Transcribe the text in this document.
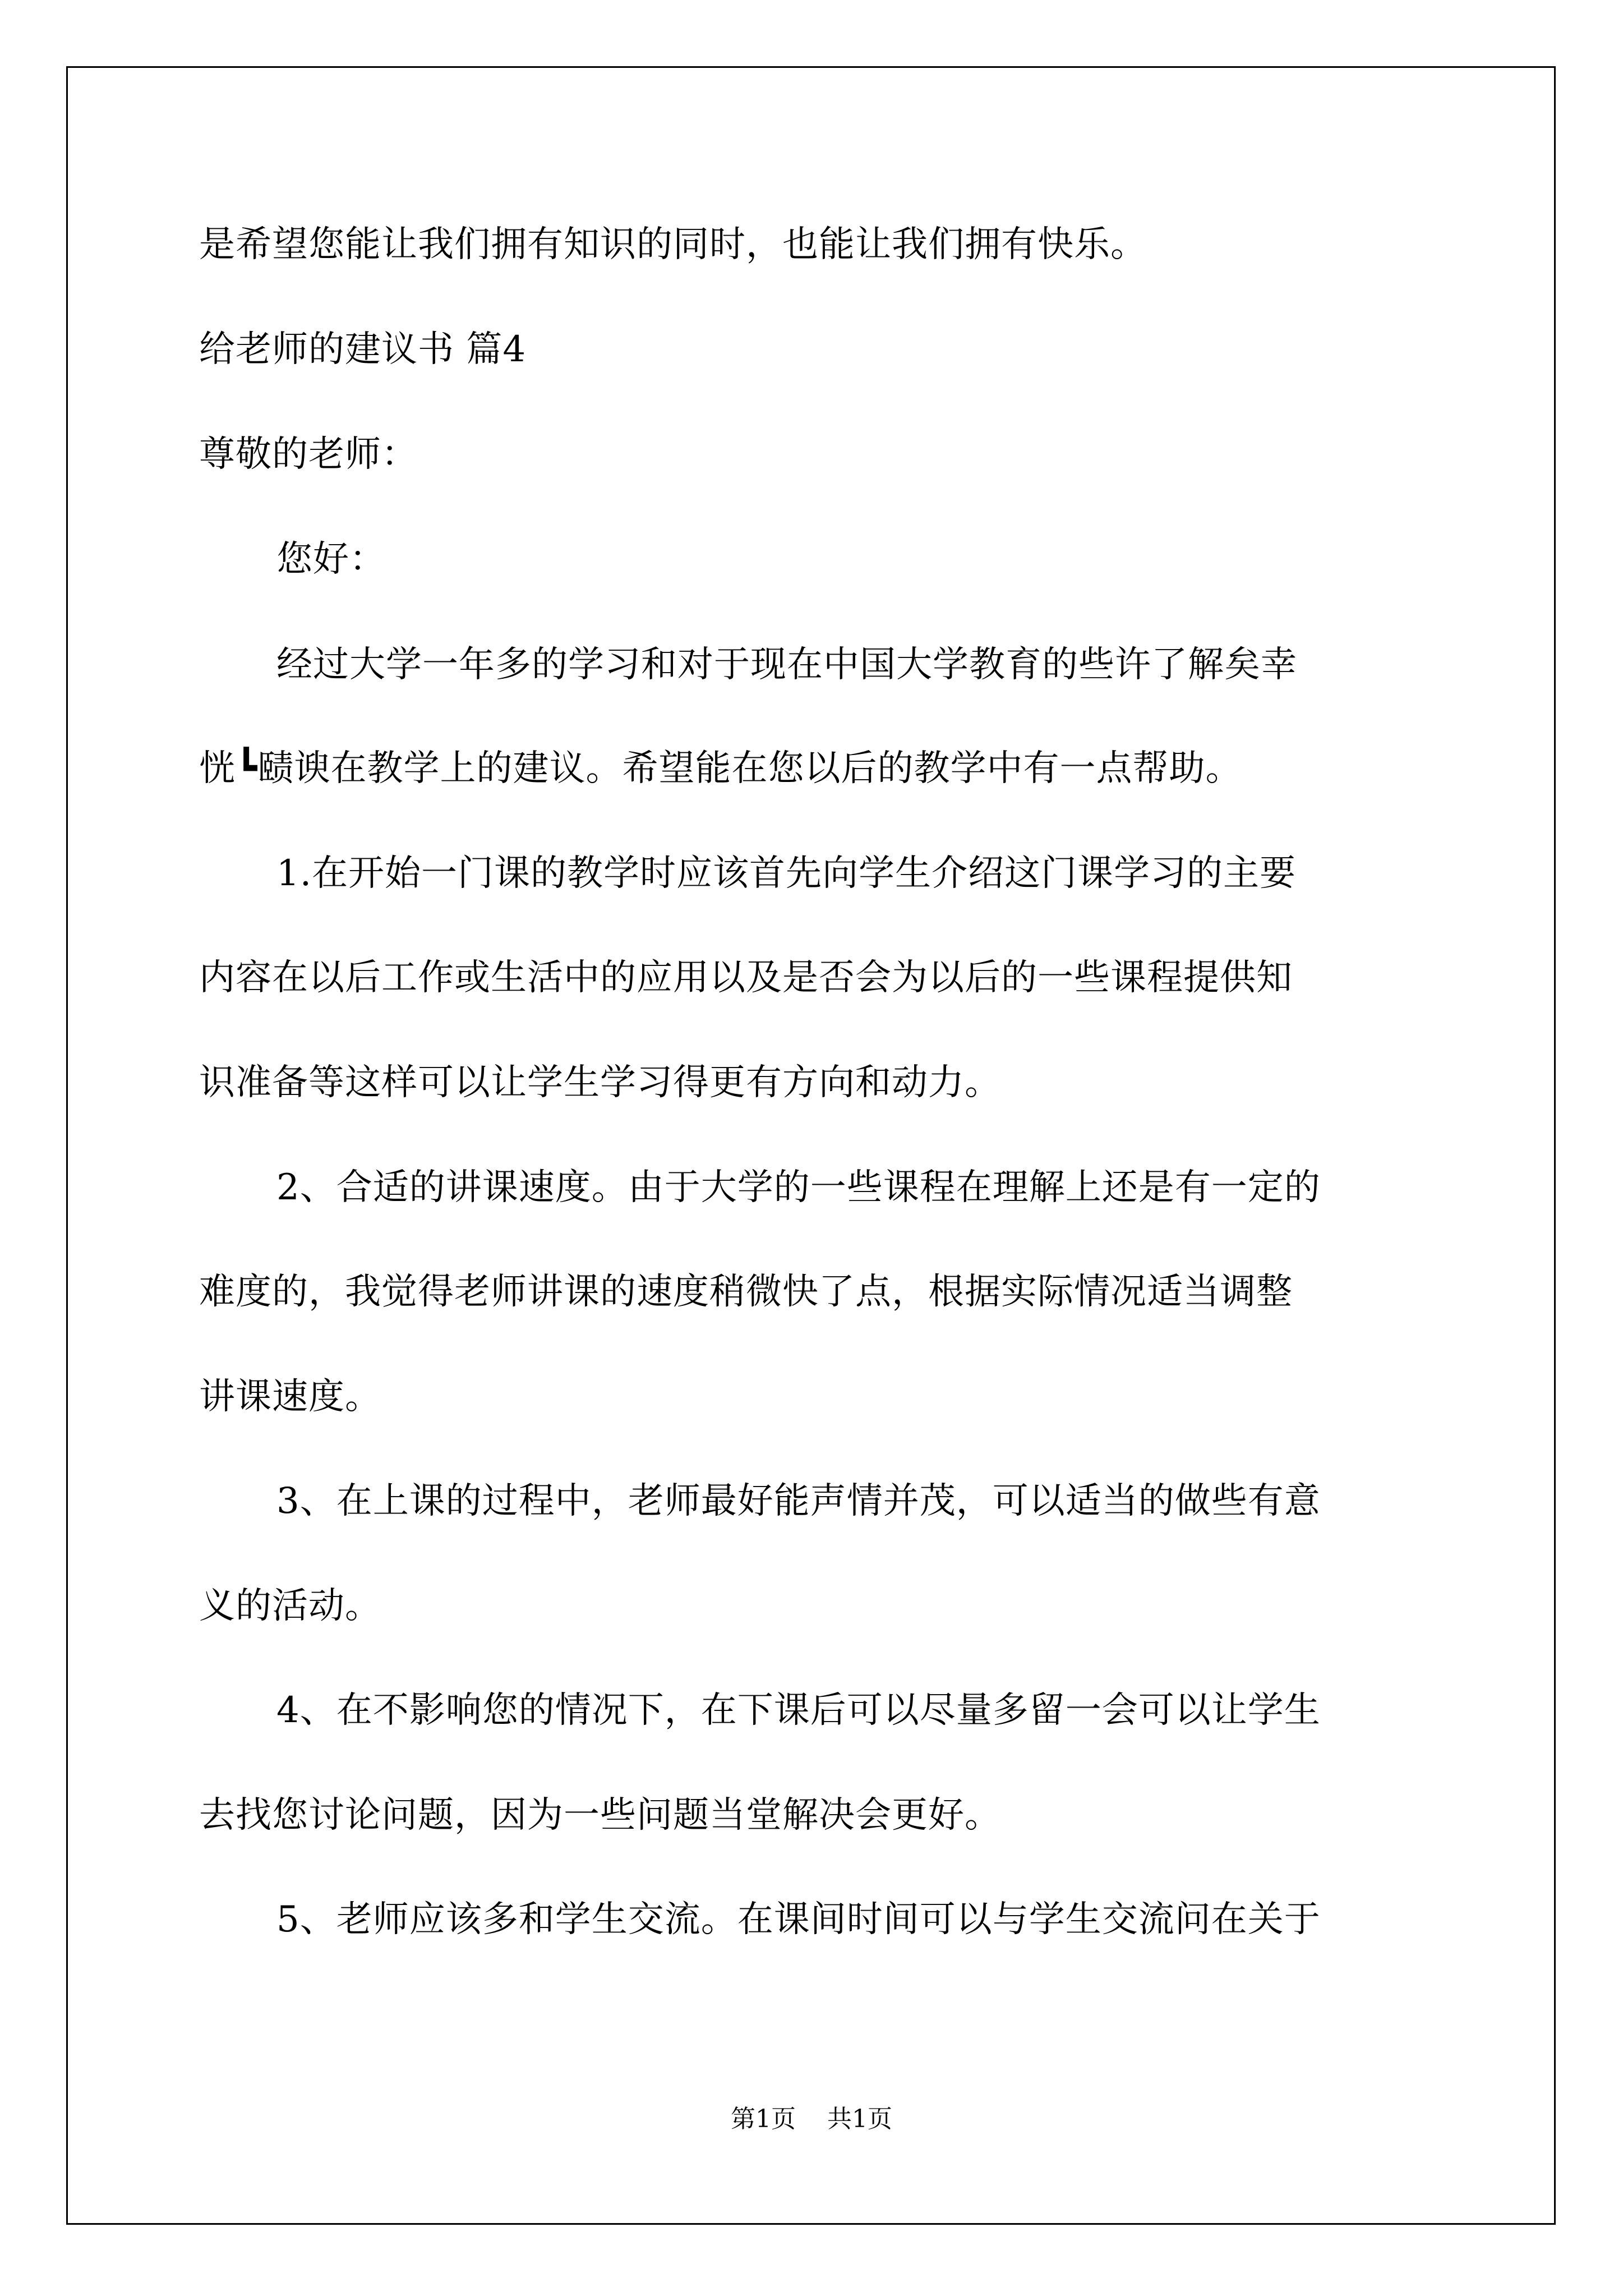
是希望您能让我们拥有知识的同时，也能让我们拥有快乐。
给老师的建议书 篇4
尊敬的老师：
您好：
经过大学一年多的学习和对于现在中国大学教育的些许了解矣幸
恍┗赜谀在教学上的建议。希望能在您以后的教学中有一点帮助。
1.在开始一门课的教学时应该首先向学生介绍这门课学习的主要
内容在以后工作或生活中的应用以及是否会为以后的一些课程提供知
识准备等这样可以让学生学习得更有方向和动力。
2、合适的讲课速度。由于大学的一些课程在理解上还是有一定的
难度的，我觉得老师讲课的速度稍微快了点，根据实际情况适当调整
讲课速度。
3、在上课的过程中，老师最好能声情并茂，可以适当的做些有意
义的活动。
4、在不影响您的情况下，在下课后可以尽量多留一会可以让学生
去找您讨论问题，因为一些问题当堂解决会更好。
5、老师应该多和学生交流。在课间时间可以与学生交流问在关于
第1页 共1页
